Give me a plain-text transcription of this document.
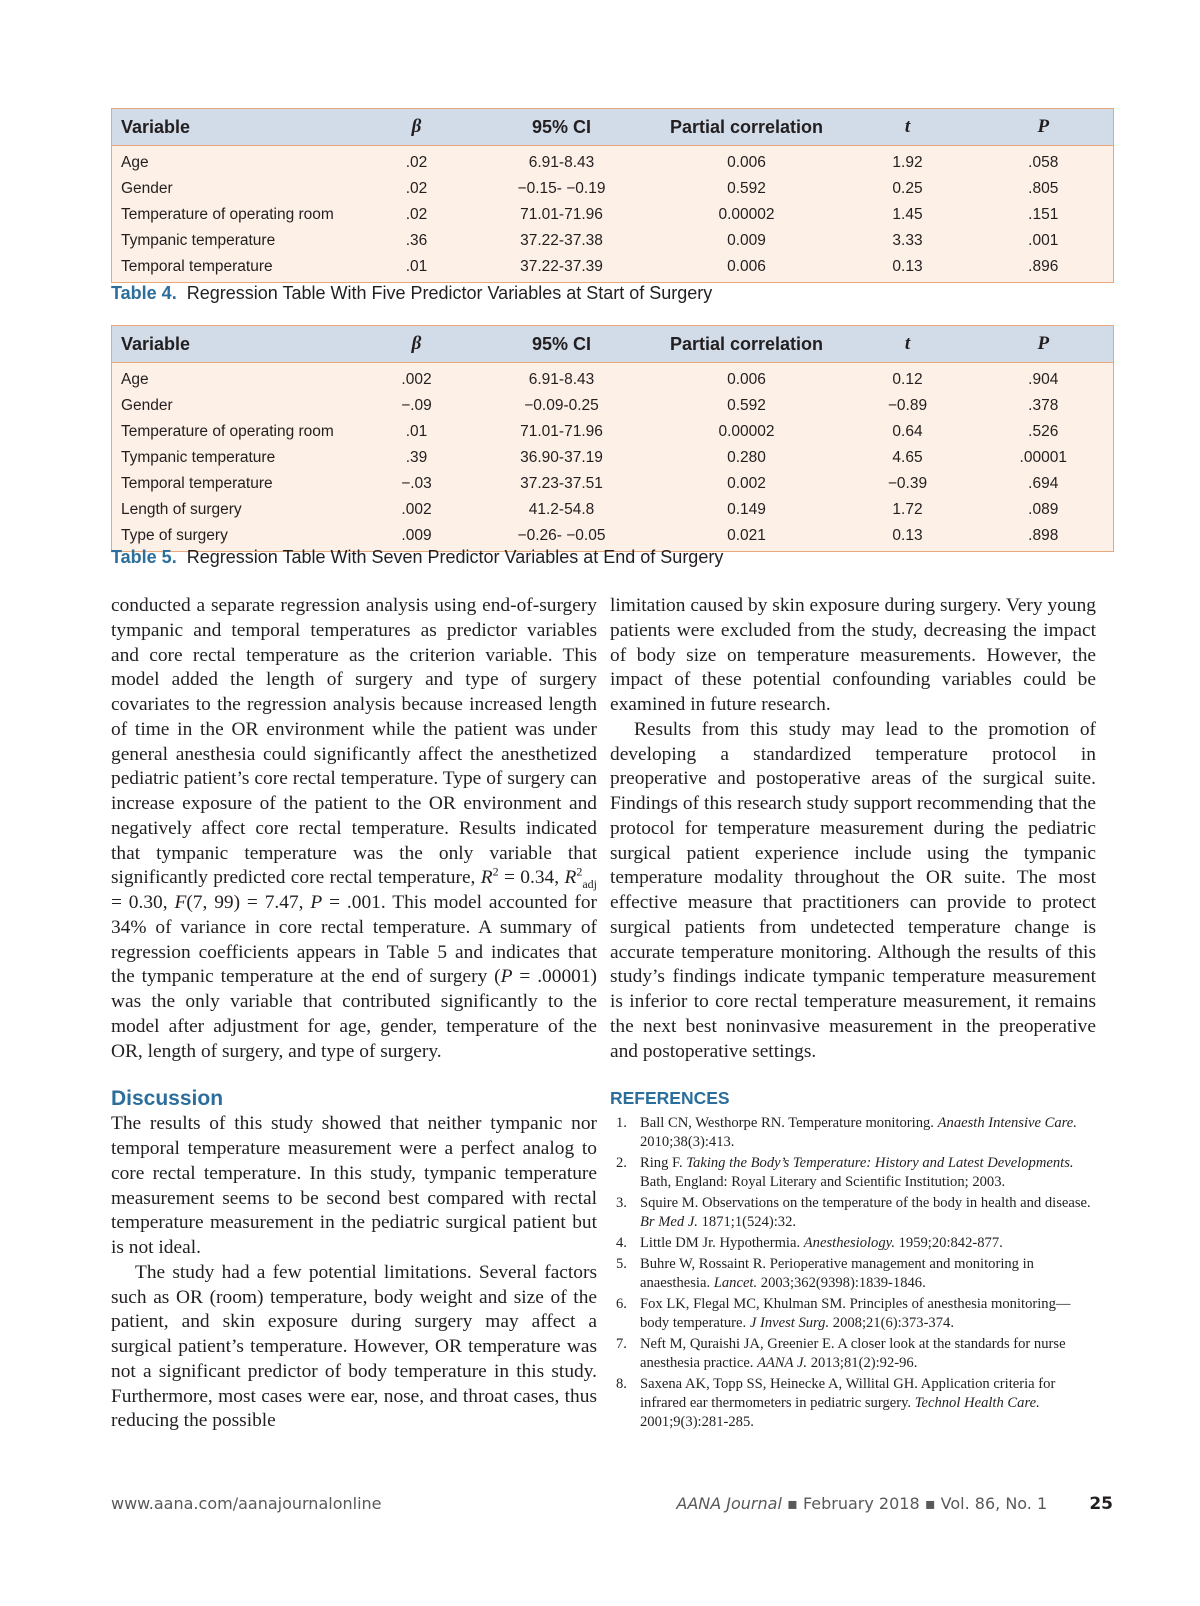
Variable	β	95% CI	Partial correlation	t	P
Age	.02	6.91-8.43	0.006	1.92	.058
Gender	.02	−0.15- −0.19	0.592	0.25	.805
Temperature of operating room	.02	71.01-71.96	0.00002	1.45	.151
Tympanic temperature	.36	37.22-37.38	0.009	3.33	.001
Temporal temperature	.01	37.22-37.39	0.006	0.13	.896
Table 4. Regression Table With Five Predictor Variables at Start of Surgery
Variable	β	95% CI	Partial correlation	t	P
Age	.002	6.91-8.43	0.006	0.12	.904
Gender	−.09	−0.09-0.25	0.592	−0.89	.378
Temperature of operating room	.01	71.01-71.96	0.00002	0.64	.526
Tympanic temperature	.39	36.90-37.19	0.280	4.65	.00001
Temporal temperature	−.03	37.23-37.51	0.002	−0.39	.694
Length of surgery	.002	41.2-54.8	0.149	1.72	.089
Type of surgery	.009	−0.26- −0.05	0.021	0.13	.898
Table 5. Regression Table With Seven Predictor Variables at End of Surgery

conducted a separate regression analysis using end-of-surgery tympanic and temporal temperatures as predictor variables and core rectal temperature as the criterion variable. This model added the length of surgery and type of surgery covariates to the regression analysis because increased length of time in the OR environment while the patient was under general anesthesia could significantly affect the anesthetized pediatric patient’s core rectal temperature. Type of surgery can increase exposure of the patient to the OR environment and negatively affect core rectal temperature. Results indicated that tympanic temperature was the only variable that significantly predicted core rectal temperature, $R^2 = 0.34$, $R^2_{adj} = 0.30$, F(7, 99) = 7.47, P = .001. This model accounted for 34% of variance in core rectal temperature. A summary of regression coefficients appears in Table 5 and indicates that the tympanic temperature at the end of surgery (P = .00001) was the only variable that contributed significantly to the model after adjustment for age, gender, temperature of the OR, length of surgery, and type of surgery.

Discussion

The results of this study showed that neither tympanic nor temporal temperature measurement were a perfect analog to core rectal temperature. In this study, tympanic temperature measurement seems to be second best compared with rectal temperature measurement in the pediatric surgical patient but is not ideal.

The study had a few potential limitations. Several factors such as OR (room) temperature, body weight and size of the patient, and skin exposure during surgery may affect a surgical patient’s temperature. However, OR temperature was not a significant predictor of body temperature in this study. Furthermore, most cases were ear, nose, and throat cases, thus reducing the possible

limitation caused by skin exposure during surgery. Very young patients were excluded from the study, decreasing the impact of body size on temperature measurements. However, the impact of these potential confounding variables could be examined in future research.

Results from this study may lead to the promotion of developing a standardized temperature protocol in preoperative and postoperative areas of the surgical suite. Findings of this research study support recommending that the protocol for temperature measurement during the pediatric surgical patient experience include using the tympanic temperature modality throughout the OR suite. The most effective measure that practitioners can provide to protect surgical patients from undetected temperature change is accurate temperature monitoring. Although the results of this study’s findings indicate tympanic temperature measurement is inferior to core rectal temperature measurement, it remains the next best noninvasive measurement in the preoperative and postoperative settings.

REFERENCES
1. Ball CN, Westhorpe RN. Temperature monitoring. Anaesth Intensive Care. 2010;38(3):413.
2. Ring F. Taking the Body’s Temperature: History and Latest Developments. Bath, England: Royal Literary and Scientific Institution; 2003.
3. Squire M. Observations on the temperature of the body in health and disease. Br Med J. 1871;1(524):32.
4. Little DM Jr. Hypothermia. Anesthesiology. 1959;20:842-877.
5. Buhre W, Rossaint R. Perioperative management and monitoring in anaesthesia. Lancet. 2003;362(9398):1839-1846.
6. Fox LK, Flegal MC, Khulman SM. Principles of anesthesia monitoring—body temperature. J Invest Surg. 2008;21(6):373-374.
7. Neft M, Quraishi JA, Greenier E. A closer look at the standards for nurse anesthesia practice. AANA J. 2013;81(2):92-96.
8. Saxena AK, Topp SS, Heinecke A, Willital GH. Application criteria for infrared ear thermometers in pediatric surgery. Technol Health Care. 2001;9(3):281-285.
www.aana.com/aanajournalonline	AANA Journal ▪ February 2018 ▪ Vol. 86, No. 1 25
